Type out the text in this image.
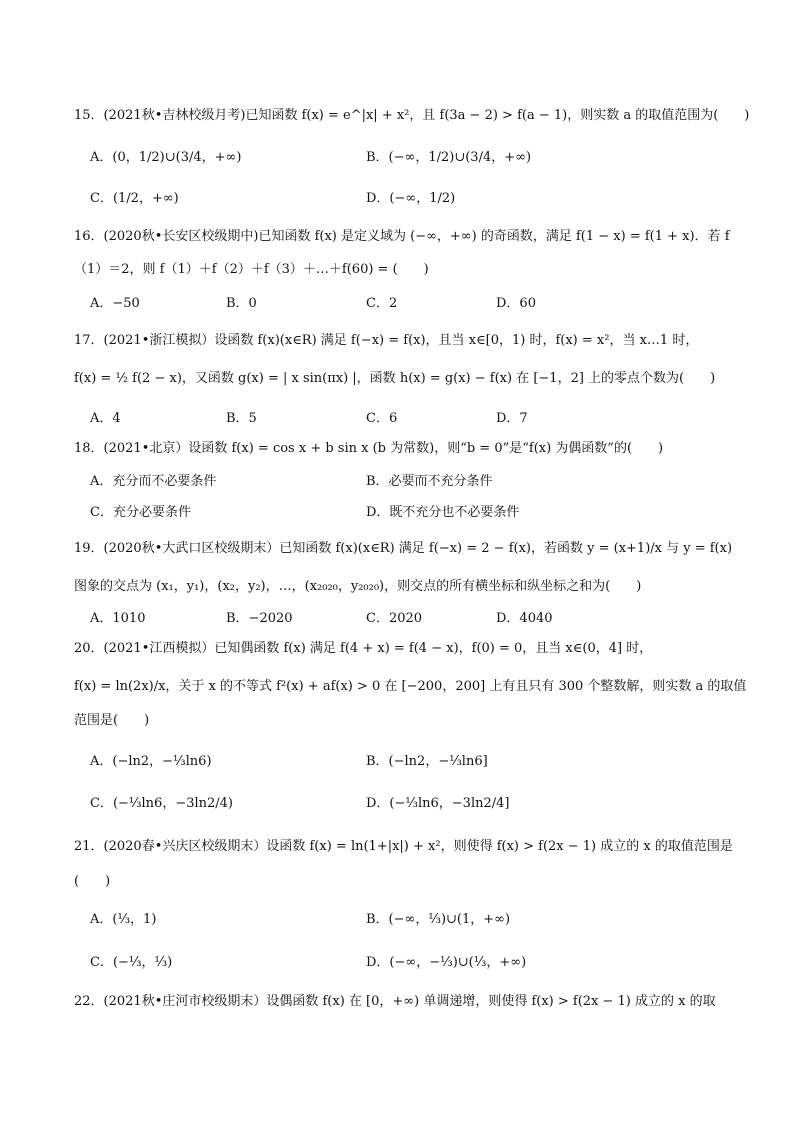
15．(2021秋•吉林校级月考)已知函数 f(x) = e^|x| + x²，且 f(3a − 2) > f(a − 1)，则实数 a 的取值范围为(　　)
A．(0，1/2)∪(3/4，+∞)	B．(−∞，1/2)∪(3/4，+∞)
C．(1/2，+∞)	D．(−∞，1/2)
16．(2020秋•长安区校级期中)已知函数 f(x) 是定义域为 (−∞，+∞) 的奇函数，满足 f(1 − x) = f(1 + x)．若 f
（1）＝2，则 f（1）＋f（2）＋f（3）＋…＋f(60) = (　　)
A．−50	B．0	C．2	D．60
17．(2021•浙江模拟）设函数 f(x)(x∈R) 满足 f(−x) = f(x)，且当 x∈[0，1) 时，f(x) = x²，当 x…1 时，
f(x) = ½ f(2 − x)，又函数 g(x) = | x sin(πx) |，函数 h(x) = g(x) − f(x) 在 [−1，2] 上的零点个数为(　　)
A．4	B．5	C．6	D．7
18．(2021•北京）设函数 f(x) = cos x + b sin x (b 为常数)，则“b = 0”是“f(x) 为偶函数”的(　　)
A．充分而不必要条件	B．必要而不充分条件
C．充分必要条件	D．既不充分也不必要条件
19．(2020秋•大武口区校级期末）已知函数 f(x)(x∈R) 满足 f(−x) = 2 − f(x)，若函数 y = (x+1)/x 与 y = f(x)
图象的交点为 (x₁，y₁)，(x₂，y₂)，…，(x₂₀₂₀，y₂₀₂₀)，则交点的所有横坐标和纵坐标之和为(　　)
A．1010	B．−2020	C．2020	D．4040
20．(2021•江西模拟）已知偶函数 f(x) 满足 f(4 + x) = f(4 − x)，f(0) = 0，且当 x∈(0，4] 时，
f(x) = ln(2x)/x，关于 x 的不等式 f²(x) + af(x) > 0 在 [−200，200] 上有且只有 300 个整数解，则实数 a 的取值
范围是(　　)
A．(−ln2，−⅓ln6)	B．(−ln2，−⅓ln6]
C．(−⅓ln6，−3ln2/4)	D．(−⅓ln6，−3ln2/4]
21．(2020春•兴庆区校级期末）设函数 f(x) = ln(1+|x|) + x²，则使得 f(x) > f(2x − 1) 成立的 x 的取值范围是
(　　)
A．(⅓，1)	B．(−∞，⅓)∪(1，+∞)
C．(−⅓，⅓)	D．(−∞，−⅓)∪(⅓，+∞)
22．(2021秋•庄河市校级期末）设偶函数 f(x) 在 [0，+∞) 单调递增，则使得 f(x) > f(2x − 1) 成立的 x 的取
